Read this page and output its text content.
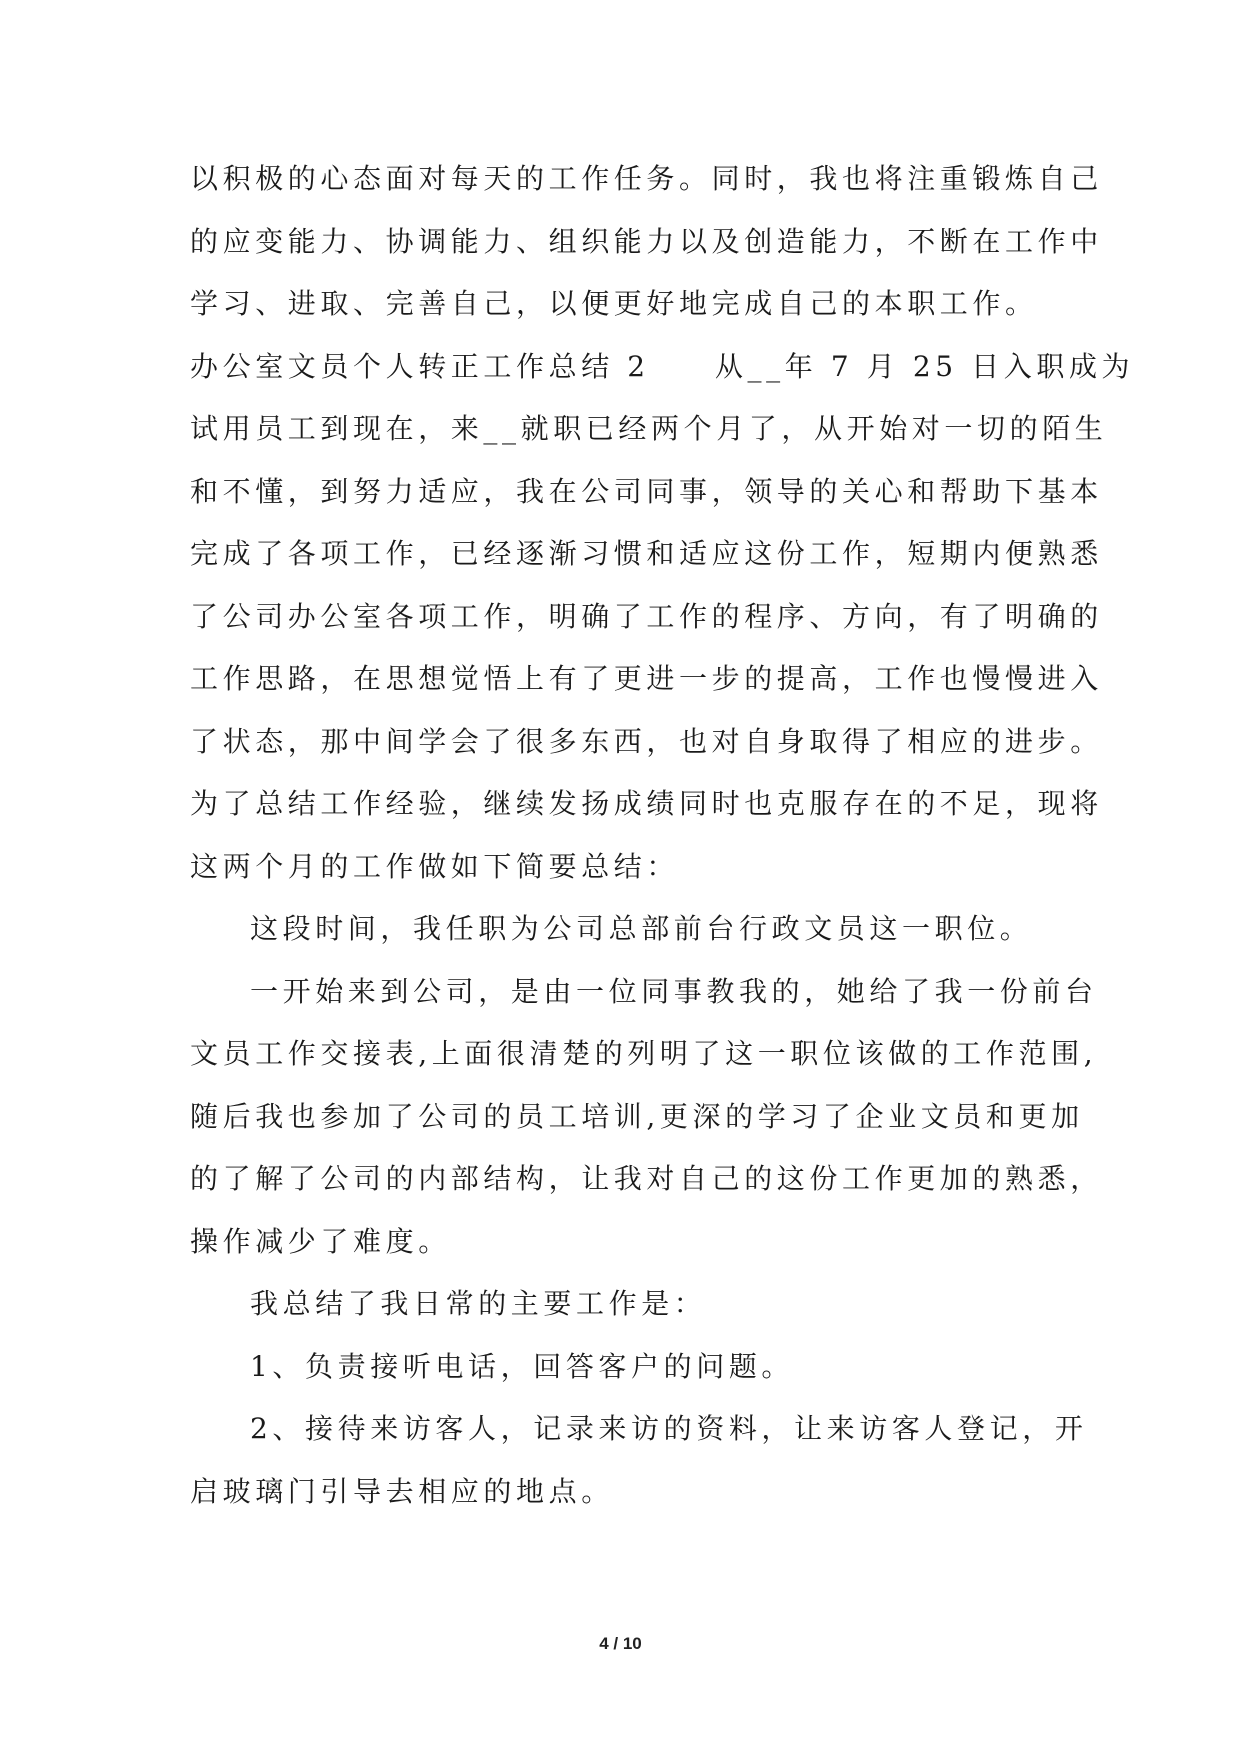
以积极的心态面对每天的工作任务。同时，我也将注重锻炼自己
的应变能力、协调能力、组织能力以及创造能力，不断在工作中
学习、进取、完善自己，以便更好地完成自己的本职工作。
办公室文员个人转正工作总结 2　　从__年 7 月 25 日入职成为
试用员工到现在，来__就职已经两个月了，从开始对一切的陌生
和不懂，到努力适应，我在公司同事，领导的关心和帮助下基本
完成了各项工作，已经逐渐习惯和适应这份工作，短期内便熟悉
了公司办公室各项工作，明确了工作的程序、方向，有了明确的
工作思路，在思想觉悟上有了更进一步的提高，工作也慢慢进入
了状态，那中间学会了很多东西，也对自身取得了相应的进步。
为了总结工作经验，继续发扬成绩同时也克服存在的不足，现将
这两个月的工作做如下简要总结：
这段时间，我任职为公司总部前台行政文员这一职位。
一开始来到公司，是由一位同事教我的，她给了我一份前台
文员工作交接表,上面很清楚的列明了这一职位该做的工作范围,
随后我也参加了公司的员工培训,更深的学习了企业文员和更加
的了解了公司的内部结构，让我对自己的这份工作更加的熟悉，
操作减少了难度。
我总结了我日常的主要工作是：
1、负责接听电话，回答客户的问题。
2、接待来访客人，记录来访的资料，让来访客人登记，开
启玻璃门引导去相应的地点。
4 / 10
